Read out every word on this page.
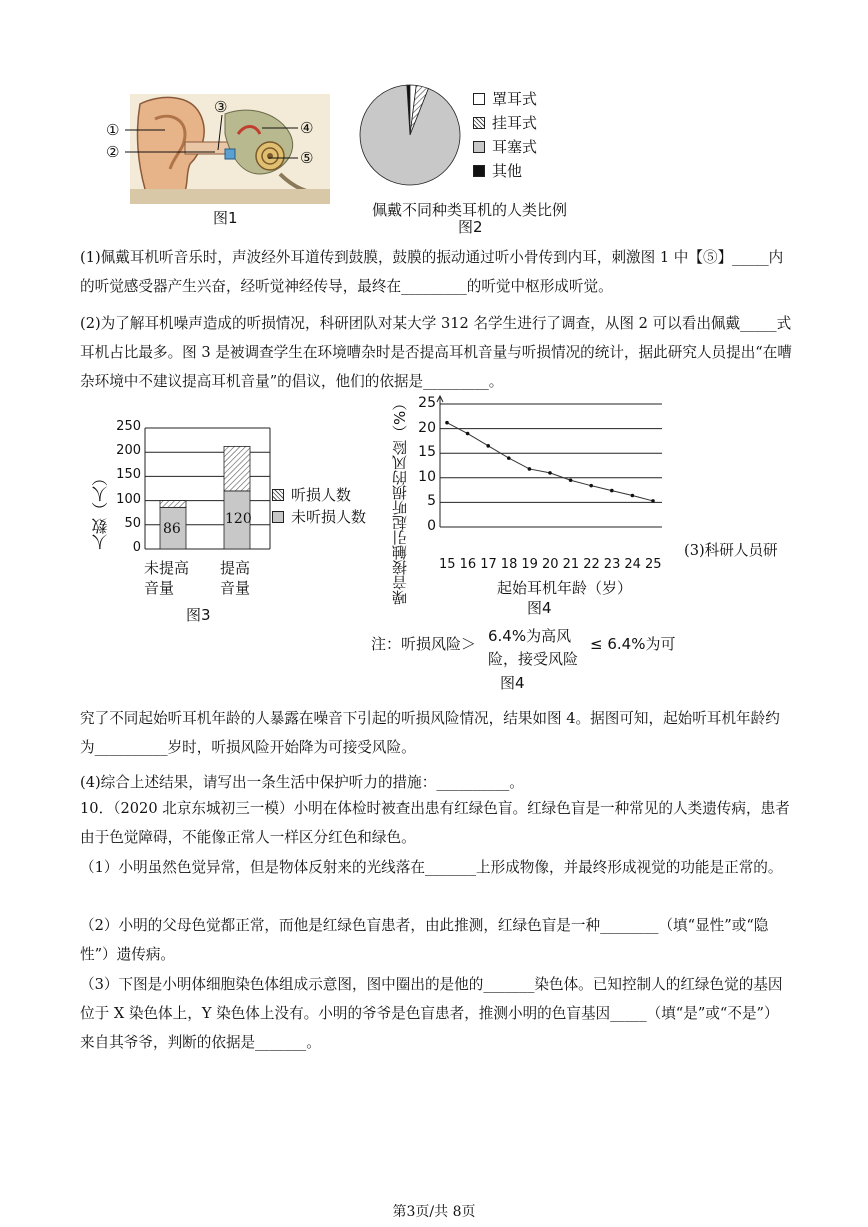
①
②
③
④
⑤
图1
罩耳式
挂耳式
耳塞式
其他
佩戴不同种类耳机的人类比例
图2
(1)佩戴耳机听音乐时，声波经外耳道传到鼓膜，鼓膜的振动通过听小骨传到内耳，刺激图 1 中【⑤】_____内的听觉感受器产生兴奋，经听觉神经传导，最终在_________的听觉中枢形成听觉。
(2)为了解耳机噪声造成的听损情况，科研团队对某大学 312 名学生进行了调查，从图 2 可以看出佩戴_____式耳机占比最多。图 3 是被调查学生在环境嘈杂时是否提高耳机音量与听损情况的统计，据此研究人员提出“在嘈杂环境中不建议提高耳机音量”的倡议，他们的依据是_________。
人数（人）
250
200
150
100
50
0
86
120
未提高
音量
提高
音量
听损人数
未听损人数
图3
噪音接触引起听损的风险（%） 25
20
15
10
5
0
15 16 17 18 19 20 21 22 23 24 25
起始耳机年龄（岁）
图4
(3)科研人员研
注：听损风险＞ 6.4%为高风
险，接受风险
≤ 6.4%为可
图4
究了不同起始听耳机年龄的人暴露在噪音下引起的听损风险情况，结果如图 4。据图可知，起始听耳机年龄约为__________岁时，听损风险开始降为可接受风险。
(4)综合上述结果，请写出一条生活中保护听力的措施：__________。
10．（2020 北京东城初三一模）小明在体检时被查出患有红绿色盲。红绿色盲是一种常见的人类遗传病，患者由于色觉障碍，不能像正常人一样区分红色和绿色。
（1）小明虽然色觉异常，但是物体反射来的光线落在_______上形成物像，并最终形成视觉的功能是正常的。
（2）小明的父母色觉都正常，而他是红绿色盲患者，由此推测，红绿色盲是一种________（填“显性”或“隐性”）遗传病。
（3）下图是小明体细胞染色体组成示意图，图中圈出的是他的_______染色体。已知控制人的红绿色觉的基因位于 X 染色体上，Y 染色体上没有。小明的爷爷是色盲患者，推测小明的色盲基因_____（填“是”或“不是”）来自其爷爷，判断的依据是_______。
第3页/共 8页
